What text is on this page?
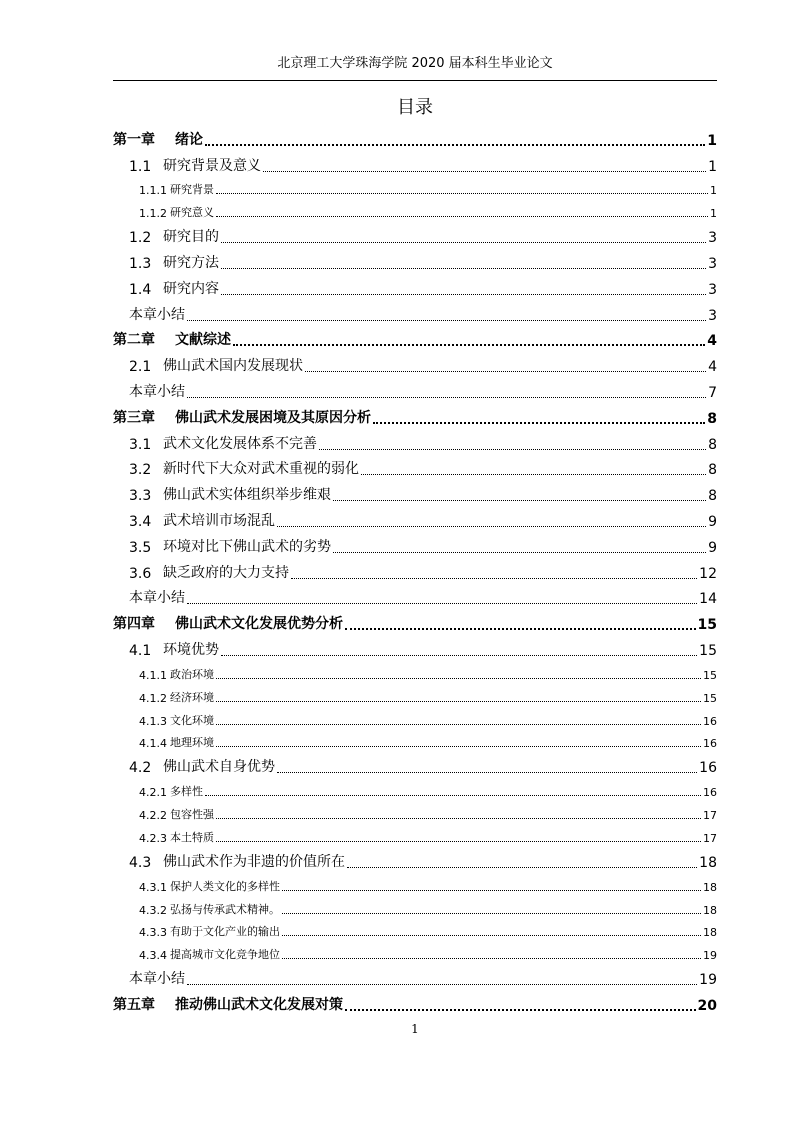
北京理工大学珠海学院 2020 届本科生毕业论文
目录
第一章 绪论	1
1.1 研究背景及意义	1
1.1.1 研究背景	1
1.1.2 研究意义	1
1.2 研究目的	3
1.3 研究方法	3
1.4 研究内容	3
本章小结	3
第二章 文献综述	4
2.1 佛山武术国内发展现状	4
本章小结	7
第三章 佛山武术发展困境及其原因分析	8
3.1 武术文化发展体系不完善	8
3.2 新时代下大众对武术重视的弱化	8
3.3 佛山武术实体组织举步维艰	8
3.4 武术培训市场混乱	9
3.5 环境对比下佛山武术的劣势	9
3.6 缺乏政府的大力支持	12
本章小结	14
第四章 佛山武术文化发展优势分析	15
4.1 环境优势	15
4.1.1 政治环境	15
4.1.2 经济环境	15
4.1.3 文化环境	16
4.1.4 地理环境	16
4.2 佛山武术自身优势	16
4.2.1 多样性	16
4.2.2 包容性强	17
4.2.3 本土特质	17
4.3 佛山武术作为非遗的价值所在	18
4.3.1 保护人类文化的多样性	18
4.3.2 弘扬与传承武术精神。	18
4.3.3 有助于文化产业的输出	18
4.3.4 提高城市文化竞争地位	19
本章小结	19
第五章 推动佛山武术文化发展对策	20
1
